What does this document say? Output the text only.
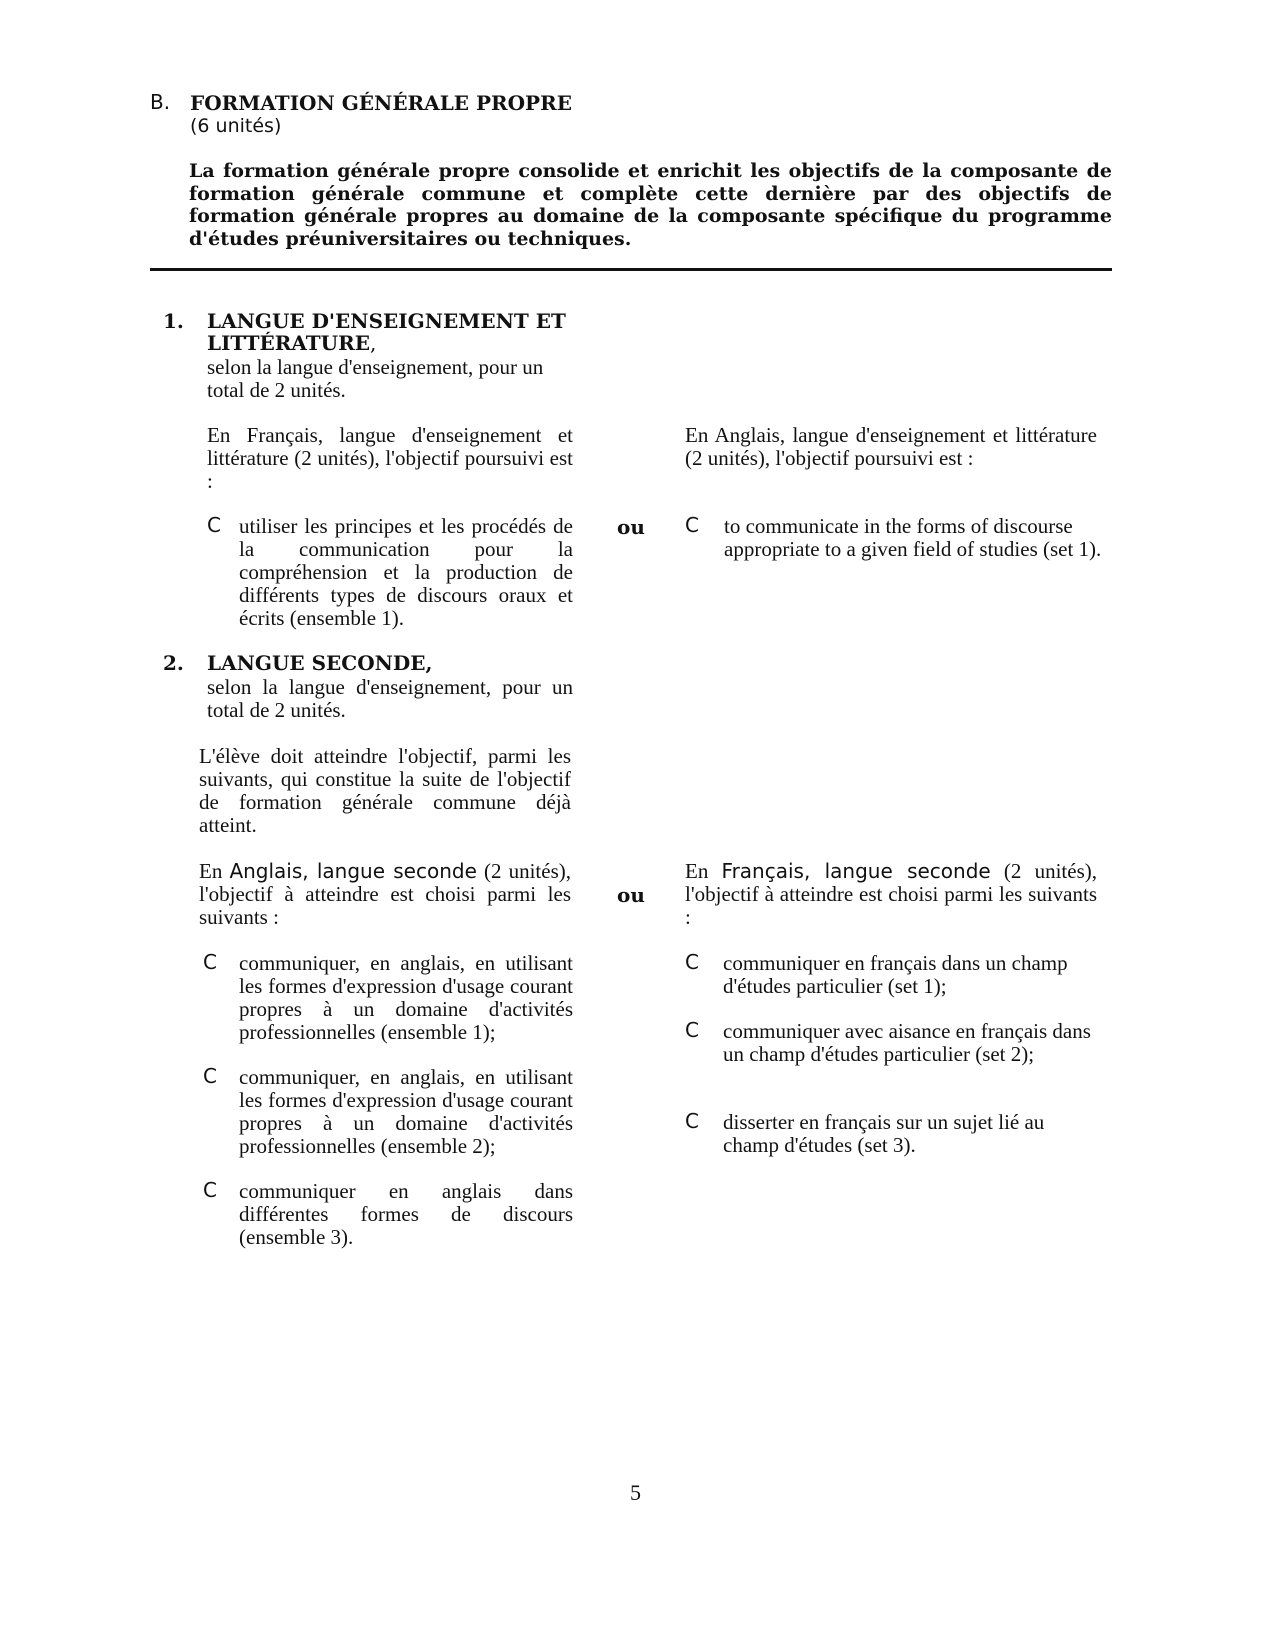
B. FORMATION GÉNÉRALE PROPRE
(6 unités)

La formation générale propre consolide et enrichit les objectifs de la composante de formation générale commune et complète cette dernière par des objectifs de formation générale propres au domaine de la composante spécifique du programme d'études préuniversitaires ou techniques.

1. LANGUE D'ENSEIGNEMENT ET
LITTÉRATURE,

selon la langue d'enseignement, pour un total de 2 unités.

En Français, langue d'enseignement et littérature (2 unités), l'objectif poursuivi est :

En Anglais, langue d'enseignement et littérature (2 unités), l'objectif poursuivi est :

C utiliser les principes et les procédés de la communication pour la compréhension et la production de différents types de discours oraux et écrits (ensemble 1).

ou C to communicate in the forms of discourse appropriate to a given field of studies (set 1).

2. LANGUE SECONDE,

selon la langue d'enseignement, pour un total de 2 unités.

L'élève doit atteindre l'objectif, parmi les suivants, qui constitue la suite de l'objectif de formation générale commune déjà atteint.

En Anglais, langue seconde (2 unités), l'objectif à atteindre est choisi parmi les suivants :

ou

En Français, langue seconde (2 unités), l'objectif à atteindre est choisi parmi les suivants :

C communiquer, en anglais, en utilisant les formes d'expression d'usage courant propres à un domaine d'activités professionnelles (ensemble 1);

C communiquer, en anglais, en utilisant les formes d'expression d'usage courant propres à un domaine d'activités professionnelles (ensemble 2);

C communiquer en anglais dans différentes formes de discours (ensemble 3).

C communiquer en français dans un champ d'études particulier (set 1);

C communiquer avec aisance en français dans un champ d'études particulier (set 2);

C disserter en français sur un sujet lié au champ d'études (set 3).

5
